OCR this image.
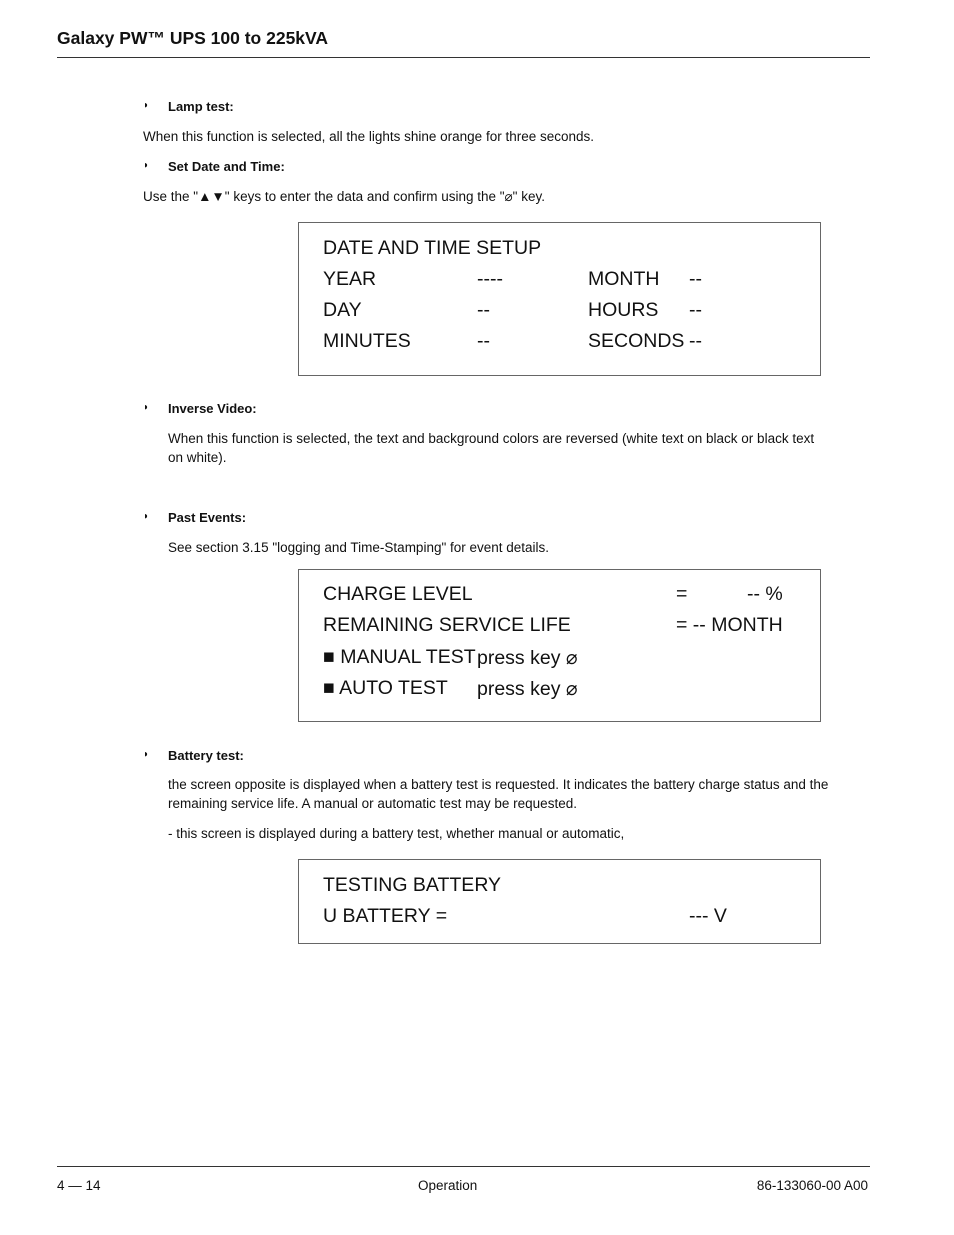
Galaxy PW™ UPS 100 to 225kVA
◗ Lamp test:
When this function is selected, all the lights shine orange for three seconds.
◗ Set Date and Time:
Use the "▲▼" keys to enter the data and confirm using the "⌀" key.
DATE AND TIME SETUP
YEAR	----	MONTH --
DAY	--	HOURS --
MINUTES	--	SECONDS --
◗ Inverse Video:
When this function is selected, the text and background colors are reversed (white text on black or black text on white).
◗ Past Events:
See section 3.15 "logging and Time-Stamping" for event details.
CHARGE LEVEL	=	-- %
REMAINING SERVICE LIFE	= -- MONTH
■ MANUAL TEST press key ⌀
■ AUTO TEST press key ⌀
◗ Battery test:
the screen opposite is displayed when a battery test is requested. It indicates the battery charge status and the remaining service life. A manual or automatic test may be requested.
- this screen is displayed during a battery test, whether manual or automatic,
TESTING BATTERY
U BATTERY =	--- V
4 — 14	Operation	86-133060-00 A00
